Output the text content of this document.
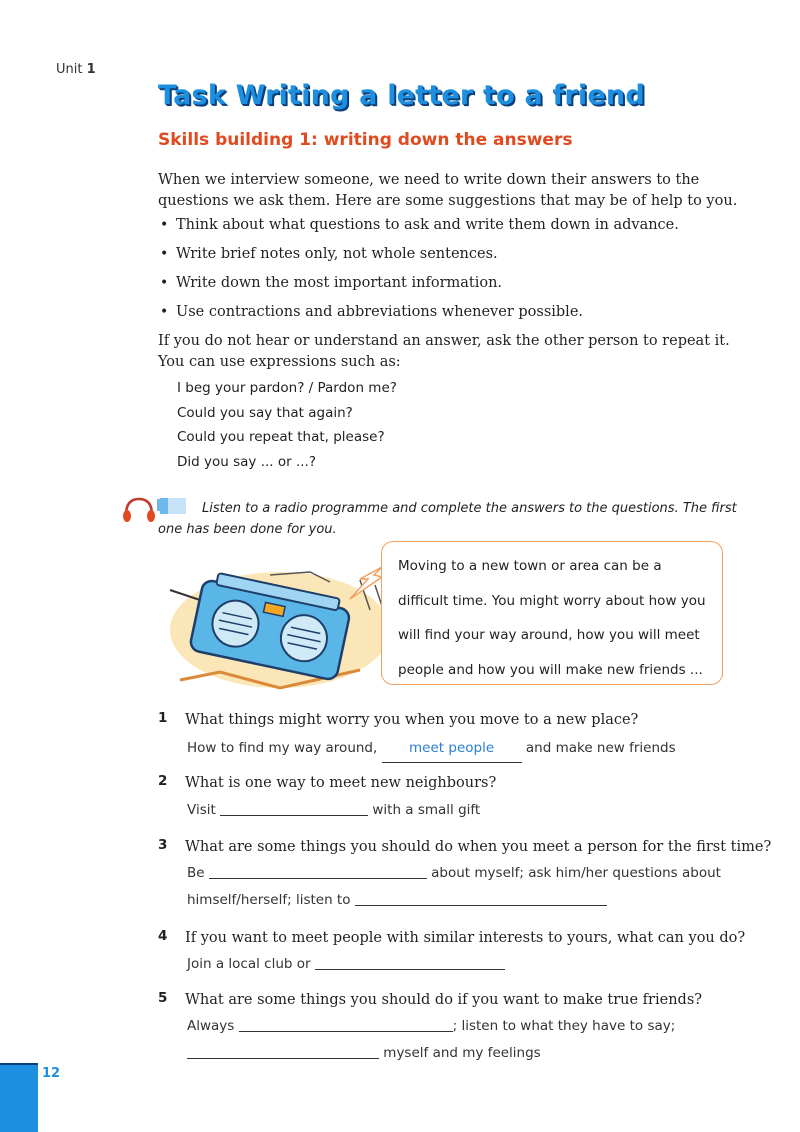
Unit 1
Task Writing a letter to a friend
Skills building 1: writing down the answers
When we interview someone, we need to write down their answers to the questions we ask them. Here are some suggestions that may be of help to you.
• Think about what questions to ask and write them down in advance.
• Write brief notes only, not whole sentences.
• Write down the most important information.
• Use contractions and abbreviations whenever possible.
If you do not hear or understand an answer, ask the other person to repeat it. You can use expressions such as:
I beg your pardon? / Pardon me?
Could you say that again?
Could you repeat that, please?
Did you say ... or ...?
Listen to a radio programme and complete the answers to the questions. The first one has been done for you.

Moving to a new town or area can be a

difficult time. You might worry about how you

will find your way around, how you will meet

people and how you will make new friends ...

1	What things might worry you when you move to a new place?
How to find my way around, meet people and make new friends
2	What is one way to meet new neighbours?
Visit	with a small gift
3	What are some things you should do when you meet a person for the first time?
Be	about myself; ask him/her questions about
himself/herself; listen to
4	If you want to meet people with similar interests to yours, what can you do?
Join a local club or
5	What are some things you should do if you want to make true friends?
Always	; listen to what they have to say;
myself and my feelings
12
